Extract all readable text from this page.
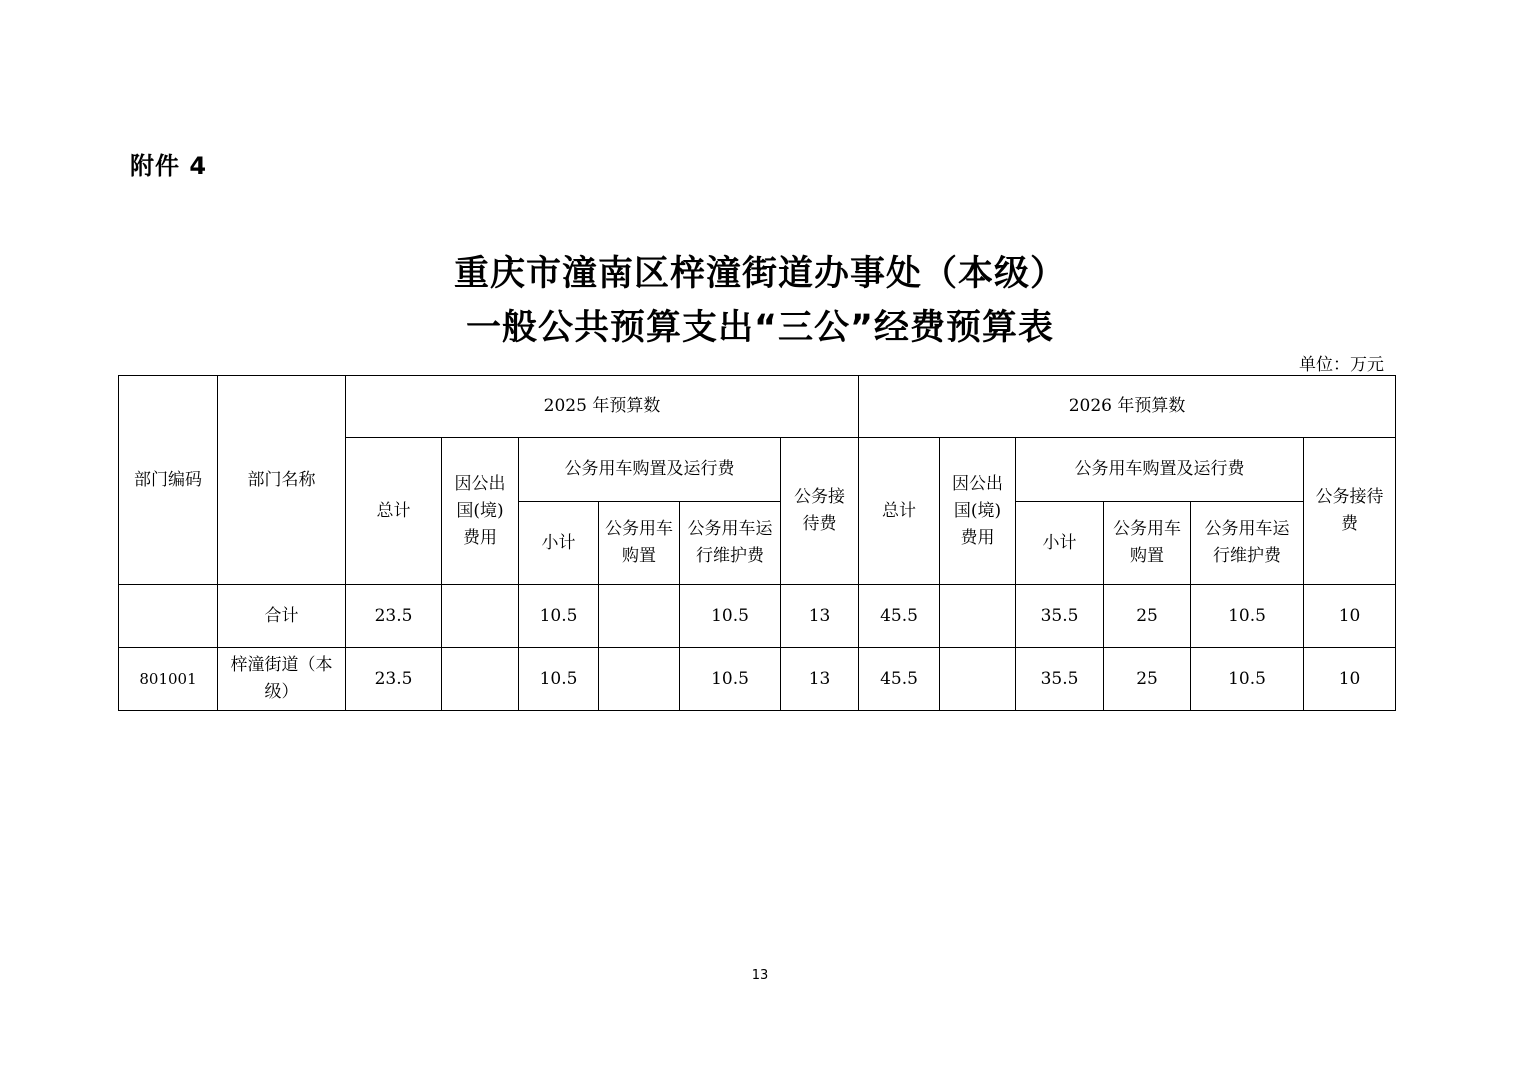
附件 4
重庆市潼南区梓潼街道办事处（本级）
一般公共预算支出“三公”经费预算表
单位：万元
部门编码	部门名称	2025 年预算数						2026 年预算数					
		总计	因公出国(境)费用	公务用车购置及运行费			公务接待费	总计	因公出国(境)费用	公务用车购置及运行费			公务接待费
				小计	公务用车购置	公务用车运行维护费				小计	公务用车购置	公务用车运行维护费	
	合计	23.5		10.5		10.5	13	45.5		35.5	25	10.5	10
801001	梓潼街道（本级）	23.5		10.5		10.5	13	45.5		35.5	25	10.5	10
13
